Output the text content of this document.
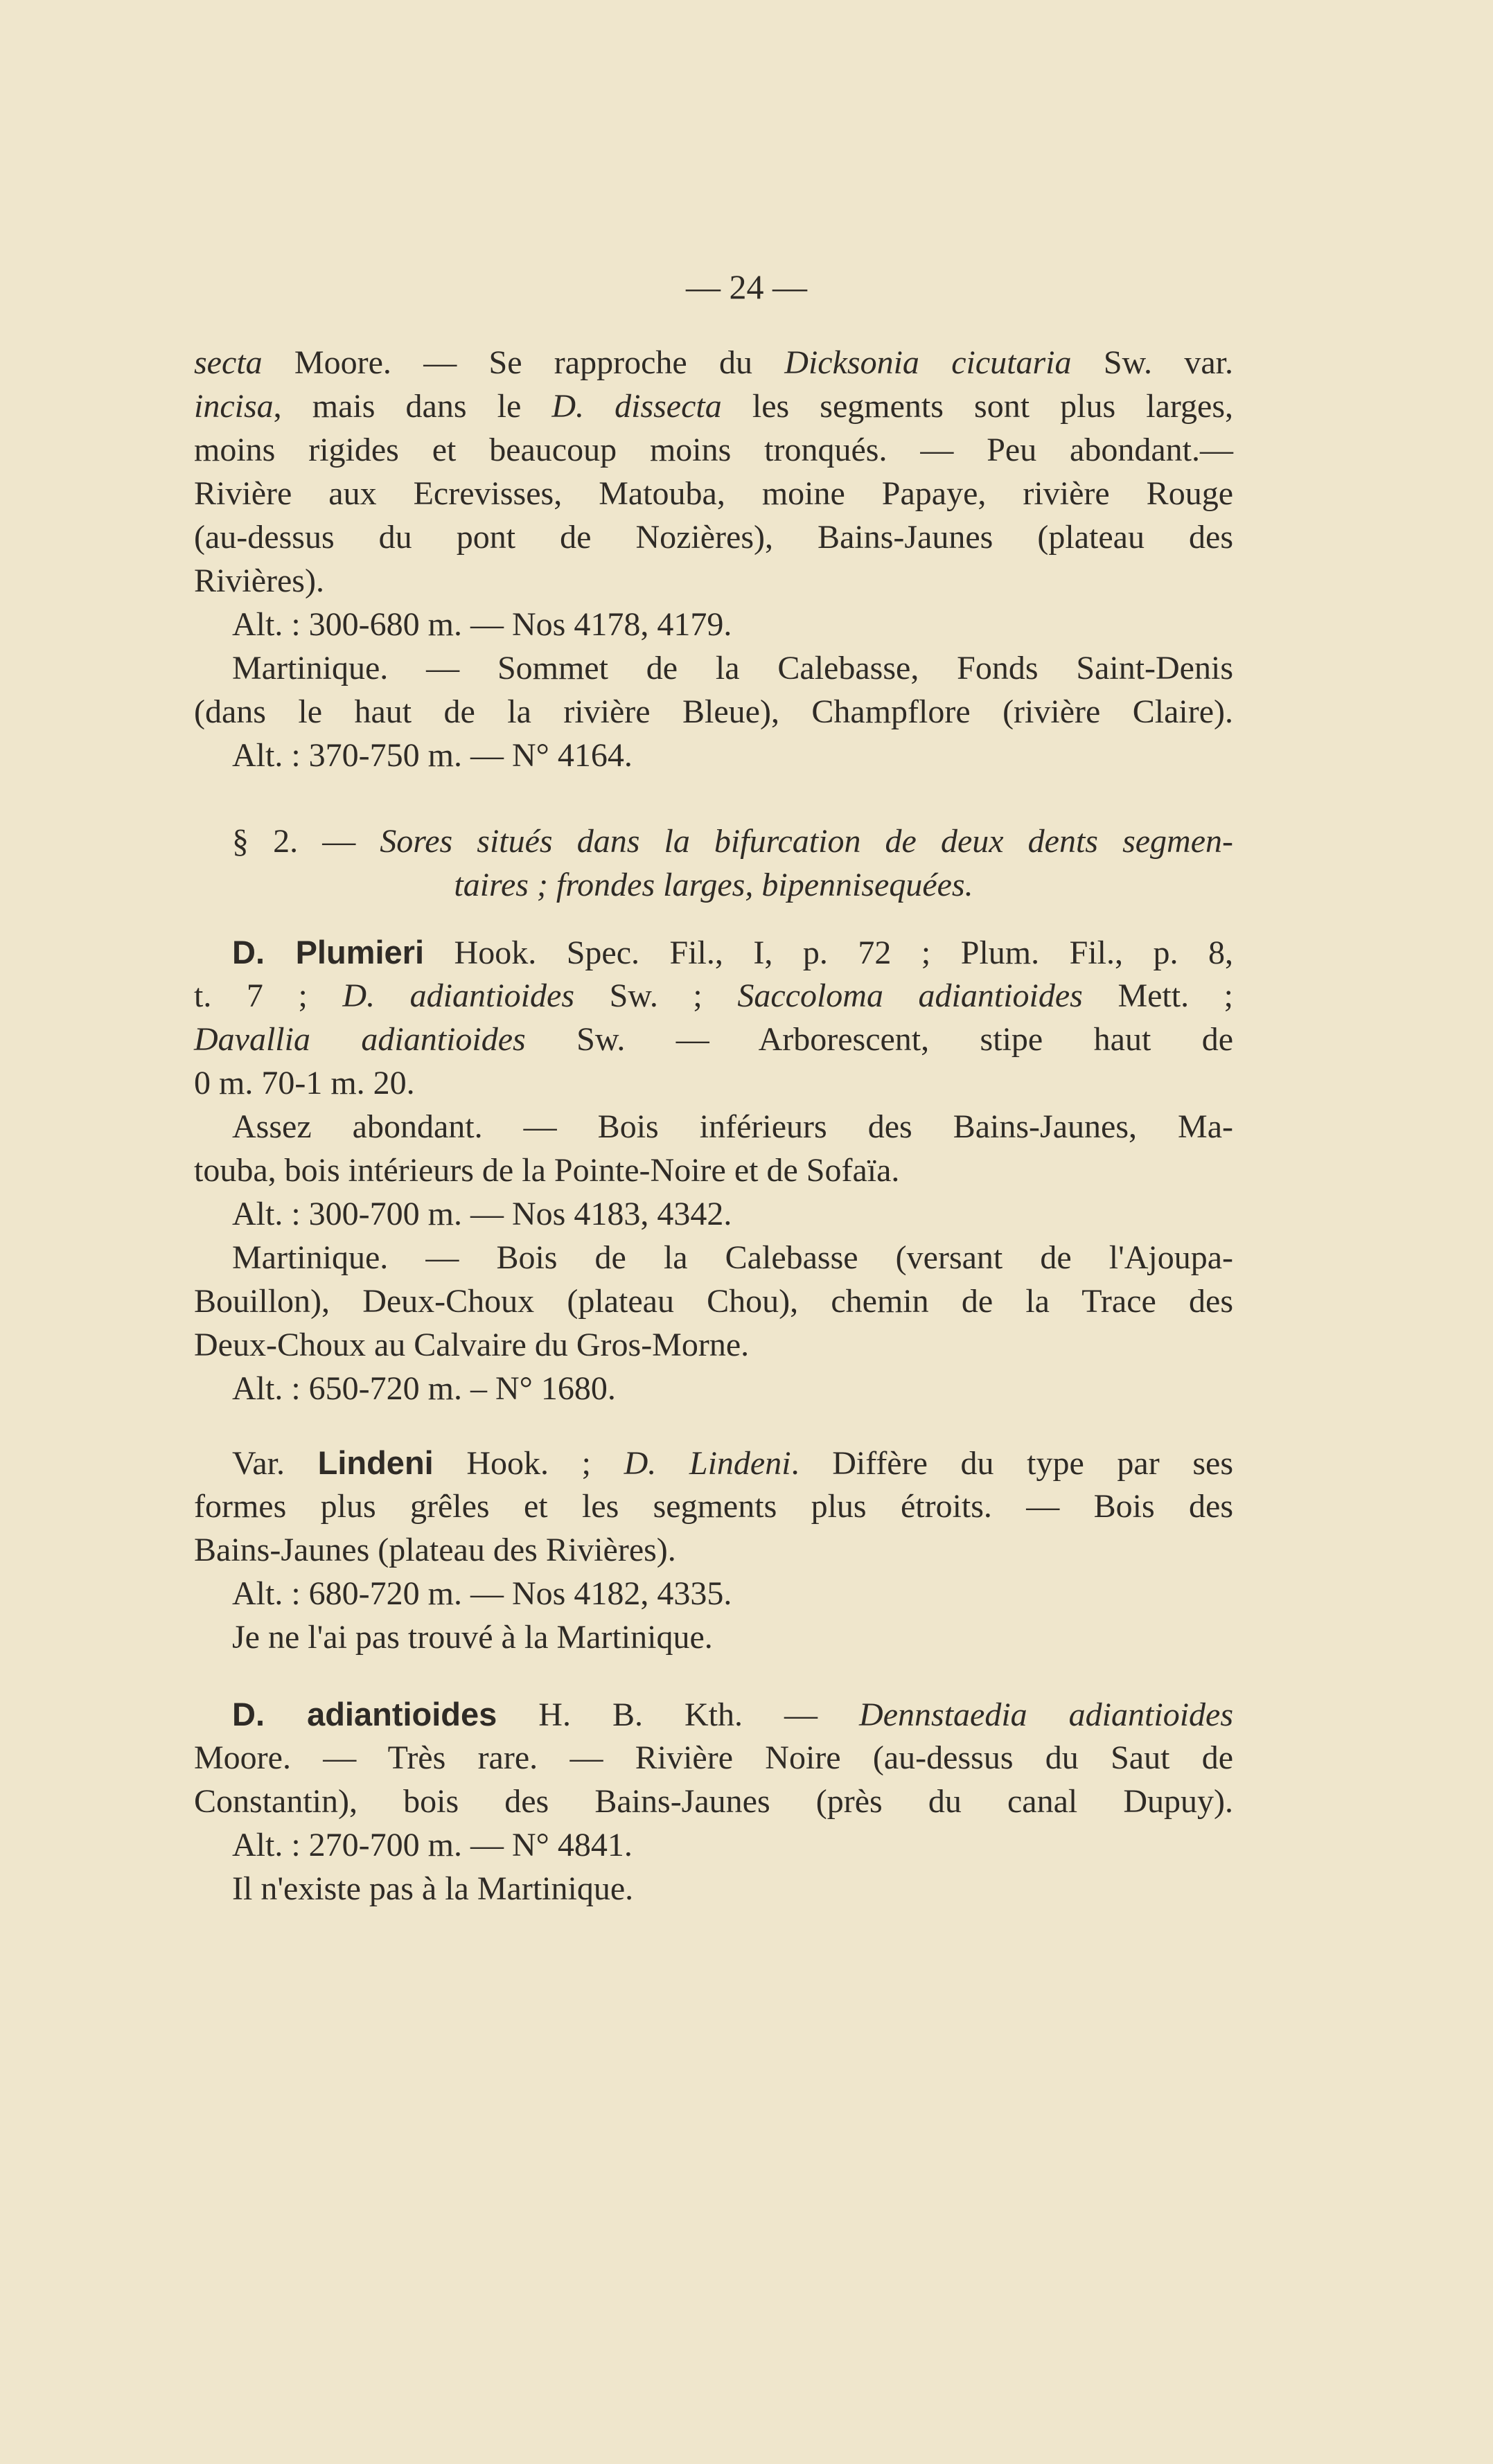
— 24 —
secta Moore. — Se rapproche du Dicksonia cicutaria Sw. var.
incisa, mais dans le D. dissecta les segments sont plus larges,
moins rigides et beaucoup moins tronqués. — Peu abondant.—
Rivière aux Ecrevisses, Matouba, moine Papaye, rivière Rouge
(au-dessus du pont de Nozières), Bains-Jaunes (plateau des
Rivières).
Alt. : 300-680 m. — Nos 4178, 4179.
Martinique. — Sommet de la Calebasse, Fonds Saint-Denis
(dans le haut de la rivière Bleue), Champflore (rivière Claire).
Alt. : 370-750 m. — N° 4164.
§ 2. — Sores situés dans la bifurcation de deux dents segmen-
taires ; frondes larges, bipennisequées.
D. Plumieri Hook. Spec. Fil., I, p. 72 ; Plum. Fil., p. 8,
t. 7 ; D. adiantioides Sw. ; Saccoloma adiantioides Mett. ;
Davallia adiantioides Sw. — Arborescent, stipe haut de
0 m. 70-1 m. 20.
Assez abondant. — Bois inférieurs des Bains-Jaunes, Ma-
touba, bois intérieurs de la Pointe-Noire et de Sofaïa.
Alt. : 300-700 m. — Nos 4183, 4342.
Martinique. — Bois de la Calebasse (versant de l'Ajoupa-
Bouillon), Deux-Choux (plateau Chou), chemin de la Trace des
Deux-Choux au Calvaire du Gros-Morne.
Alt. : 650-720 m. – N° 1680.
Var. Lindeni Hook. ; D. Lindeni. Diffère du type par ses
formes plus grêles et les segments plus étroits. — Bois des
Bains-Jaunes (plateau des Rivières).
Alt. : 680-720 m. — Nos 4182, 4335.
Je ne l'ai pas trouvé à la Martinique.
D. adiantioides H. B. Kth. — Dennstaedia adiantioides
Moore. — Très rare. — Rivière Noire (au-dessus du Saut de
Constantin), bois des Bains-Jaunes (près du canal Dupuy).
Alt. : 270-700 m. — N° 4841.
Il n'existe pas à la Martinique.
